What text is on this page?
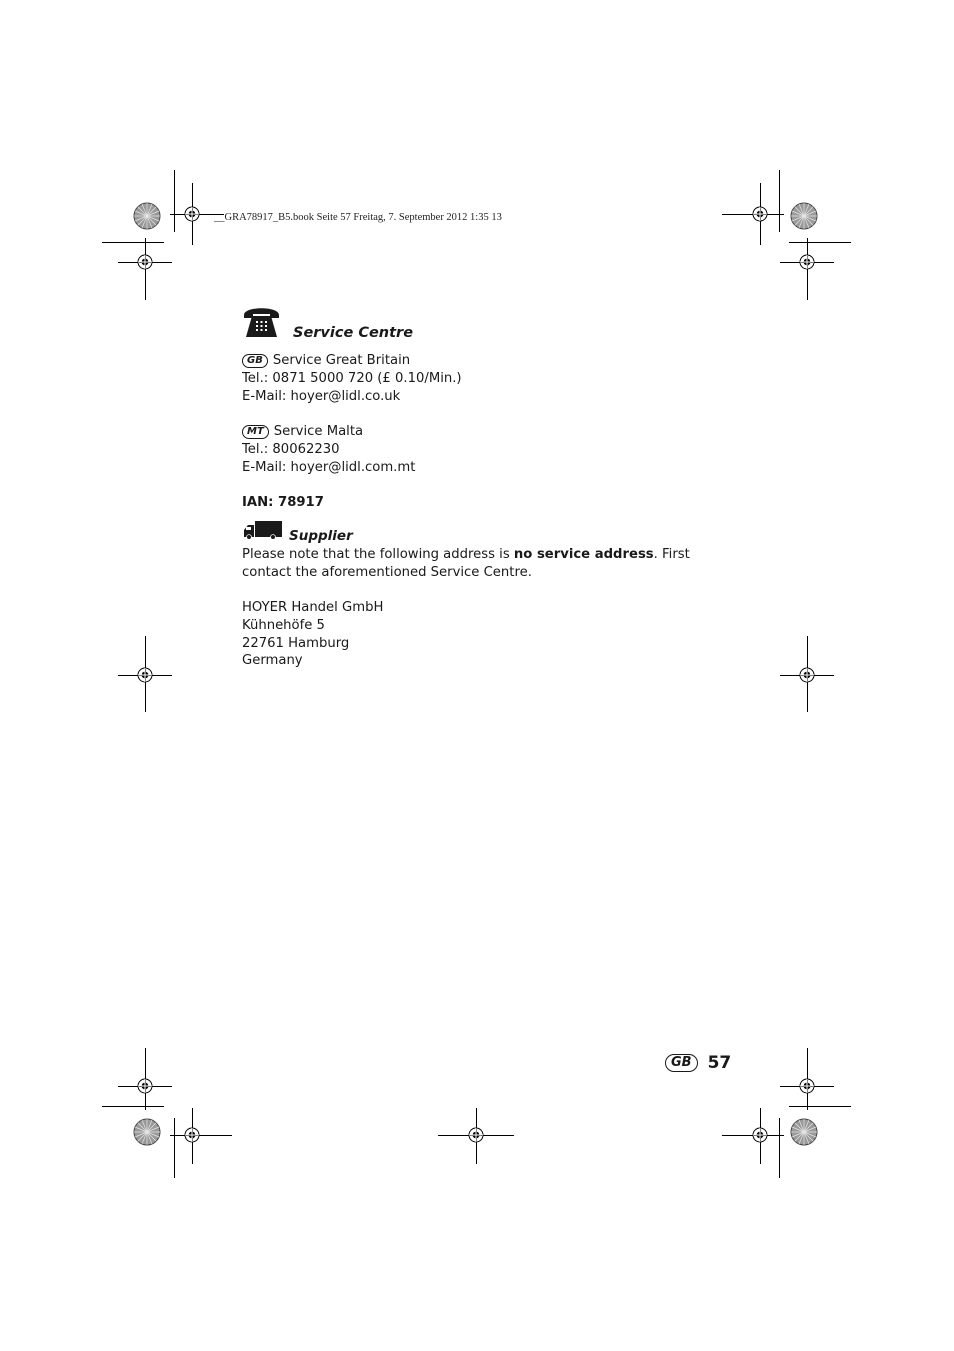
__GRA78917_B5.book Seite 57 Freitag, 7. September 2012 1:35 13
Service Centre
GB Service Great Britain
Tel.: 0871 5000 720 (£ 0.10/Min.)
E-Mail: hoyer@lidl.co.uk
MT Service Malta
Tel.: 80062230
E-Mail: hoyer@lidl.com.mt
IAN: 78917
Supplier
Please note that the following address is no service address. First contact the aforementioned Service Centre.
HOYER Handel GmbH
Kühnehöfe 5
22761 Hamburg
Germany
GB 57
